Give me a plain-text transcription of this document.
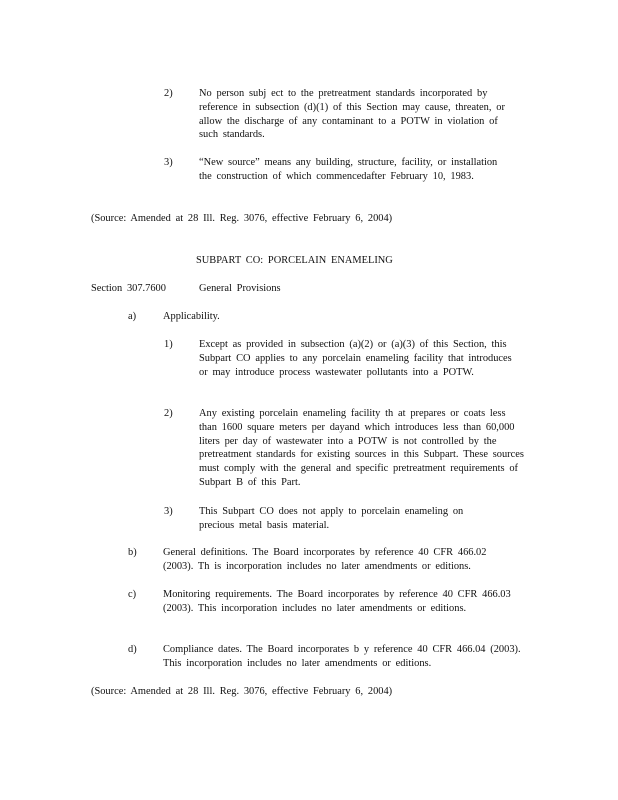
2)	No person subj ect to the pretreatment standards incorporated by reference in subsection (d)(1) of this Section may cause, threaten, or allow the discharge of any contaminant to a POTW in violation of such standards.
3)	“New source” means any building, structure, facility, or installation the construction of which commencedafter February 10, 1983.
(Source: Amended at 28 Ill. Reg. 3076, effective February 6, 2004)
SUBPART CO: PORCELAIN ENAMELING
Section 307.7600	General Provisions
a)	Applicability.
1)	Except as provided in subsection (a)(2) or (a)(3) of this Section, this Subpart CO applies to any porcelain enameling facility that introduces or may introduce process wastewater pollutants into a POTW.
2)	Any existing porcelain enameling facility th at prepares or coats less than 1600 square meters per dayand which introduces less than 60,000 liters per day of wastewater into a POTW is not controlled by the pretreatment standards for existing sources in this Subpart. These sources must comply with the general and specific pretreatment requirements of Subpart B of this Part.
3)	This Subpart CO does not apply to porcelain enameling on precious metal basis material.
b)	General definitions. The Board incorporates by reference 40 CFR 466.02 (2003). Th is incorporation includes no later amendments or editions.
c)	Monitoring requirements. The Board incorporates by reference 40 CFR 466.03 (2003). This incorporation includes no later amendments or editions.
d)	Compliance dates. The Board incorporates b y reference 40 CFR 466.04 (2003). This incorporation includes no later amendments or editions.
(Source: Amended at 28 Ill. Reg. 3076, effective February 6, 2004)
